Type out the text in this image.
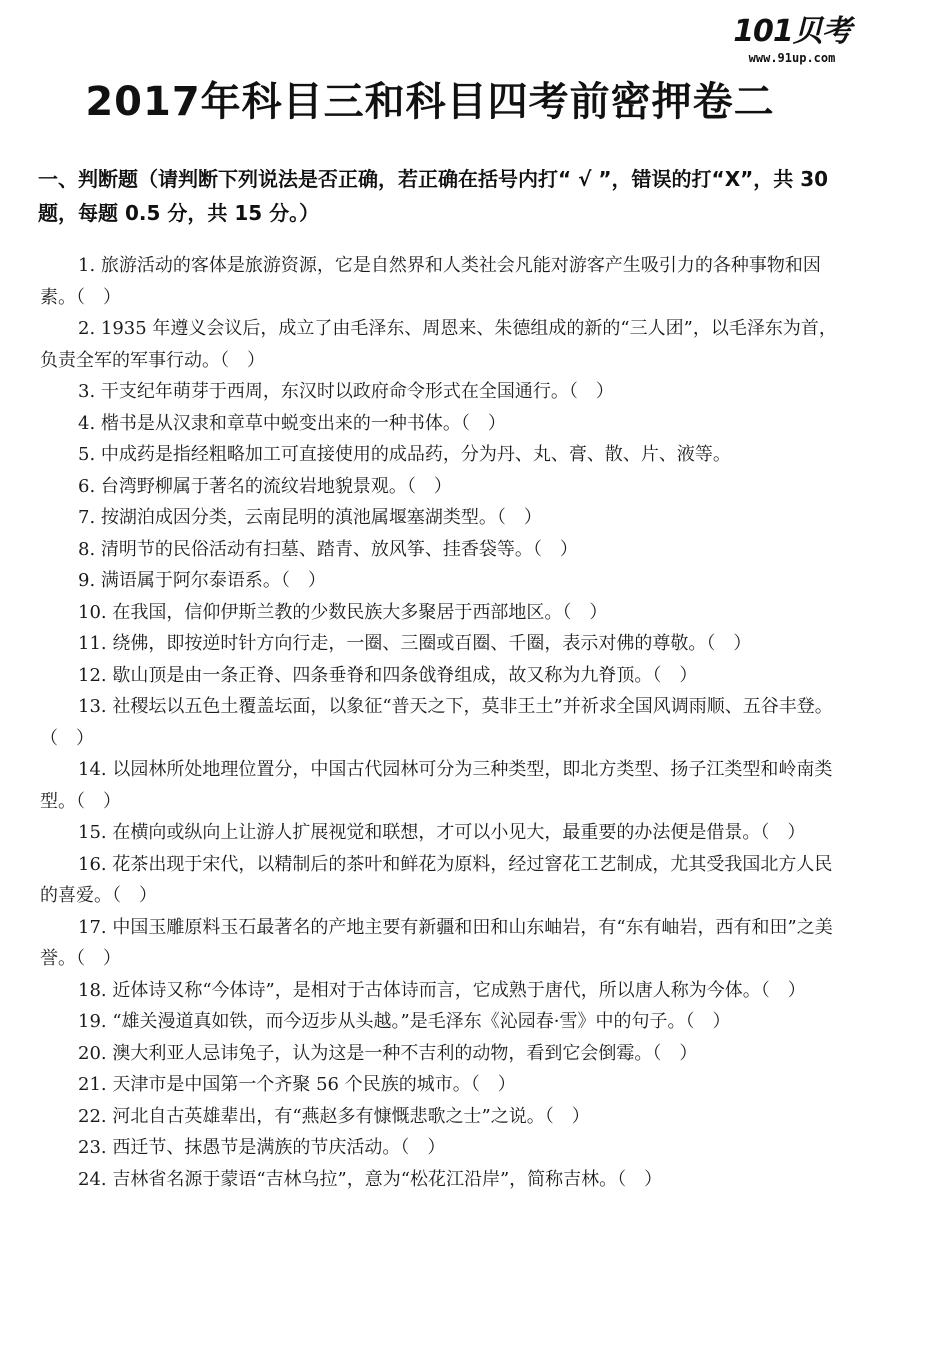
101贝考
www.91up.com
2017年科目三和科目四考前密押卷二
一、判断题（请判断下列说法是否正确，若正确在括号内打“ √ ”，错误的打“X”，共 30 题，每题 0.5 分，共 15 分。）

1. 旅游活动的客体是旅游资源，它是自然界和人类社会凡能对游客产生吸引力的各种事物和因素。（　）

2. 1935 年遵义会议后，成立了由毛泽东、周恩来、朱德组成的新的“三人团”，以毛泽东为首，负责全军的军事行动。（　）

3. 干支纪年萌芽于西周，东汉时以政府命令形式在全国通行。（　）

4. 楷书是从汉隶和章草中蜕变出来的一种书体。（　）

5. 中成药是指经粗略加工可直接使用的成品药，分为丹、丸、膏、散、片、液等。

6. 台湾野柳属于著名的流纹岩地貌景观。（　）

7. 按湖泊成因分类，云南昆明的滇池属堰塞湖类型。（　）

8. 清明节的民俗活动有扫墓、踏青、放风筝、挂香袋等。（　）

9. 满语属于阿尔泰语系。（　）

10. 在我国，信仰伊斯兰教的少数民族大多聚居于西部地区。（　）

11. 绕佛，即按逆时针方向行走，一圈、三圈或百圈、千圈，表示对佛的尊敬。（　）

12. 歇山顶是由一条正脊、四条垂脊和四条戗脊组成，故又称为九脊顶。（　）

13. 社稷坛以五色土覆盖坛面，以象征“普天之下，莫非王土”并祈求全国风调雨顺、五谷丰登。（　）

14. 以园林所处地理位置分，中国古代园林可分为三种类型，即北方类型、扬子江类型和岭南类型。（　）

15. 在横向或纵向上让游人扩展视觉和联想，才可以小见大，最重要的办法便是借景。（　）

16. 花茶出现于宋代，以精制后的茶叶和鲜花为原料，经过窨花工艺制成，尤其受我国北方人民的喜爱。（　）

17. 中国玉雕原料玉石最著名的产地主要有新疆和田和山东岫岩，有“东有岫岩，西有和田”之美誉。（　）

18. 近体诗又称“今体诗”，是相对于古体诗而言，它成熟于唐代，所以唐人称为今体。（　）

19. “雄关漫道真如铁，而今迈步从头越。”是毛泽东《沁园春·雪》中的句子。（　）

20. 澳大利亚人忌讳兔子，认为这是一种不吉利的动物，看到它会倒霉。（　）

21. 天津市是中国第一个齐聚 56 个民族的城市。（　）

22. 河北自古英雄辈出，有“燕赵多有慷慨悲歌之士”之说。（　）

23. 西迁节、抹愚节是满族的节庆活动。（　）

24. 吉林省名源于蒙语“吉林乌拉”，意为“松花江沿岸”，简称吉林。（　）
